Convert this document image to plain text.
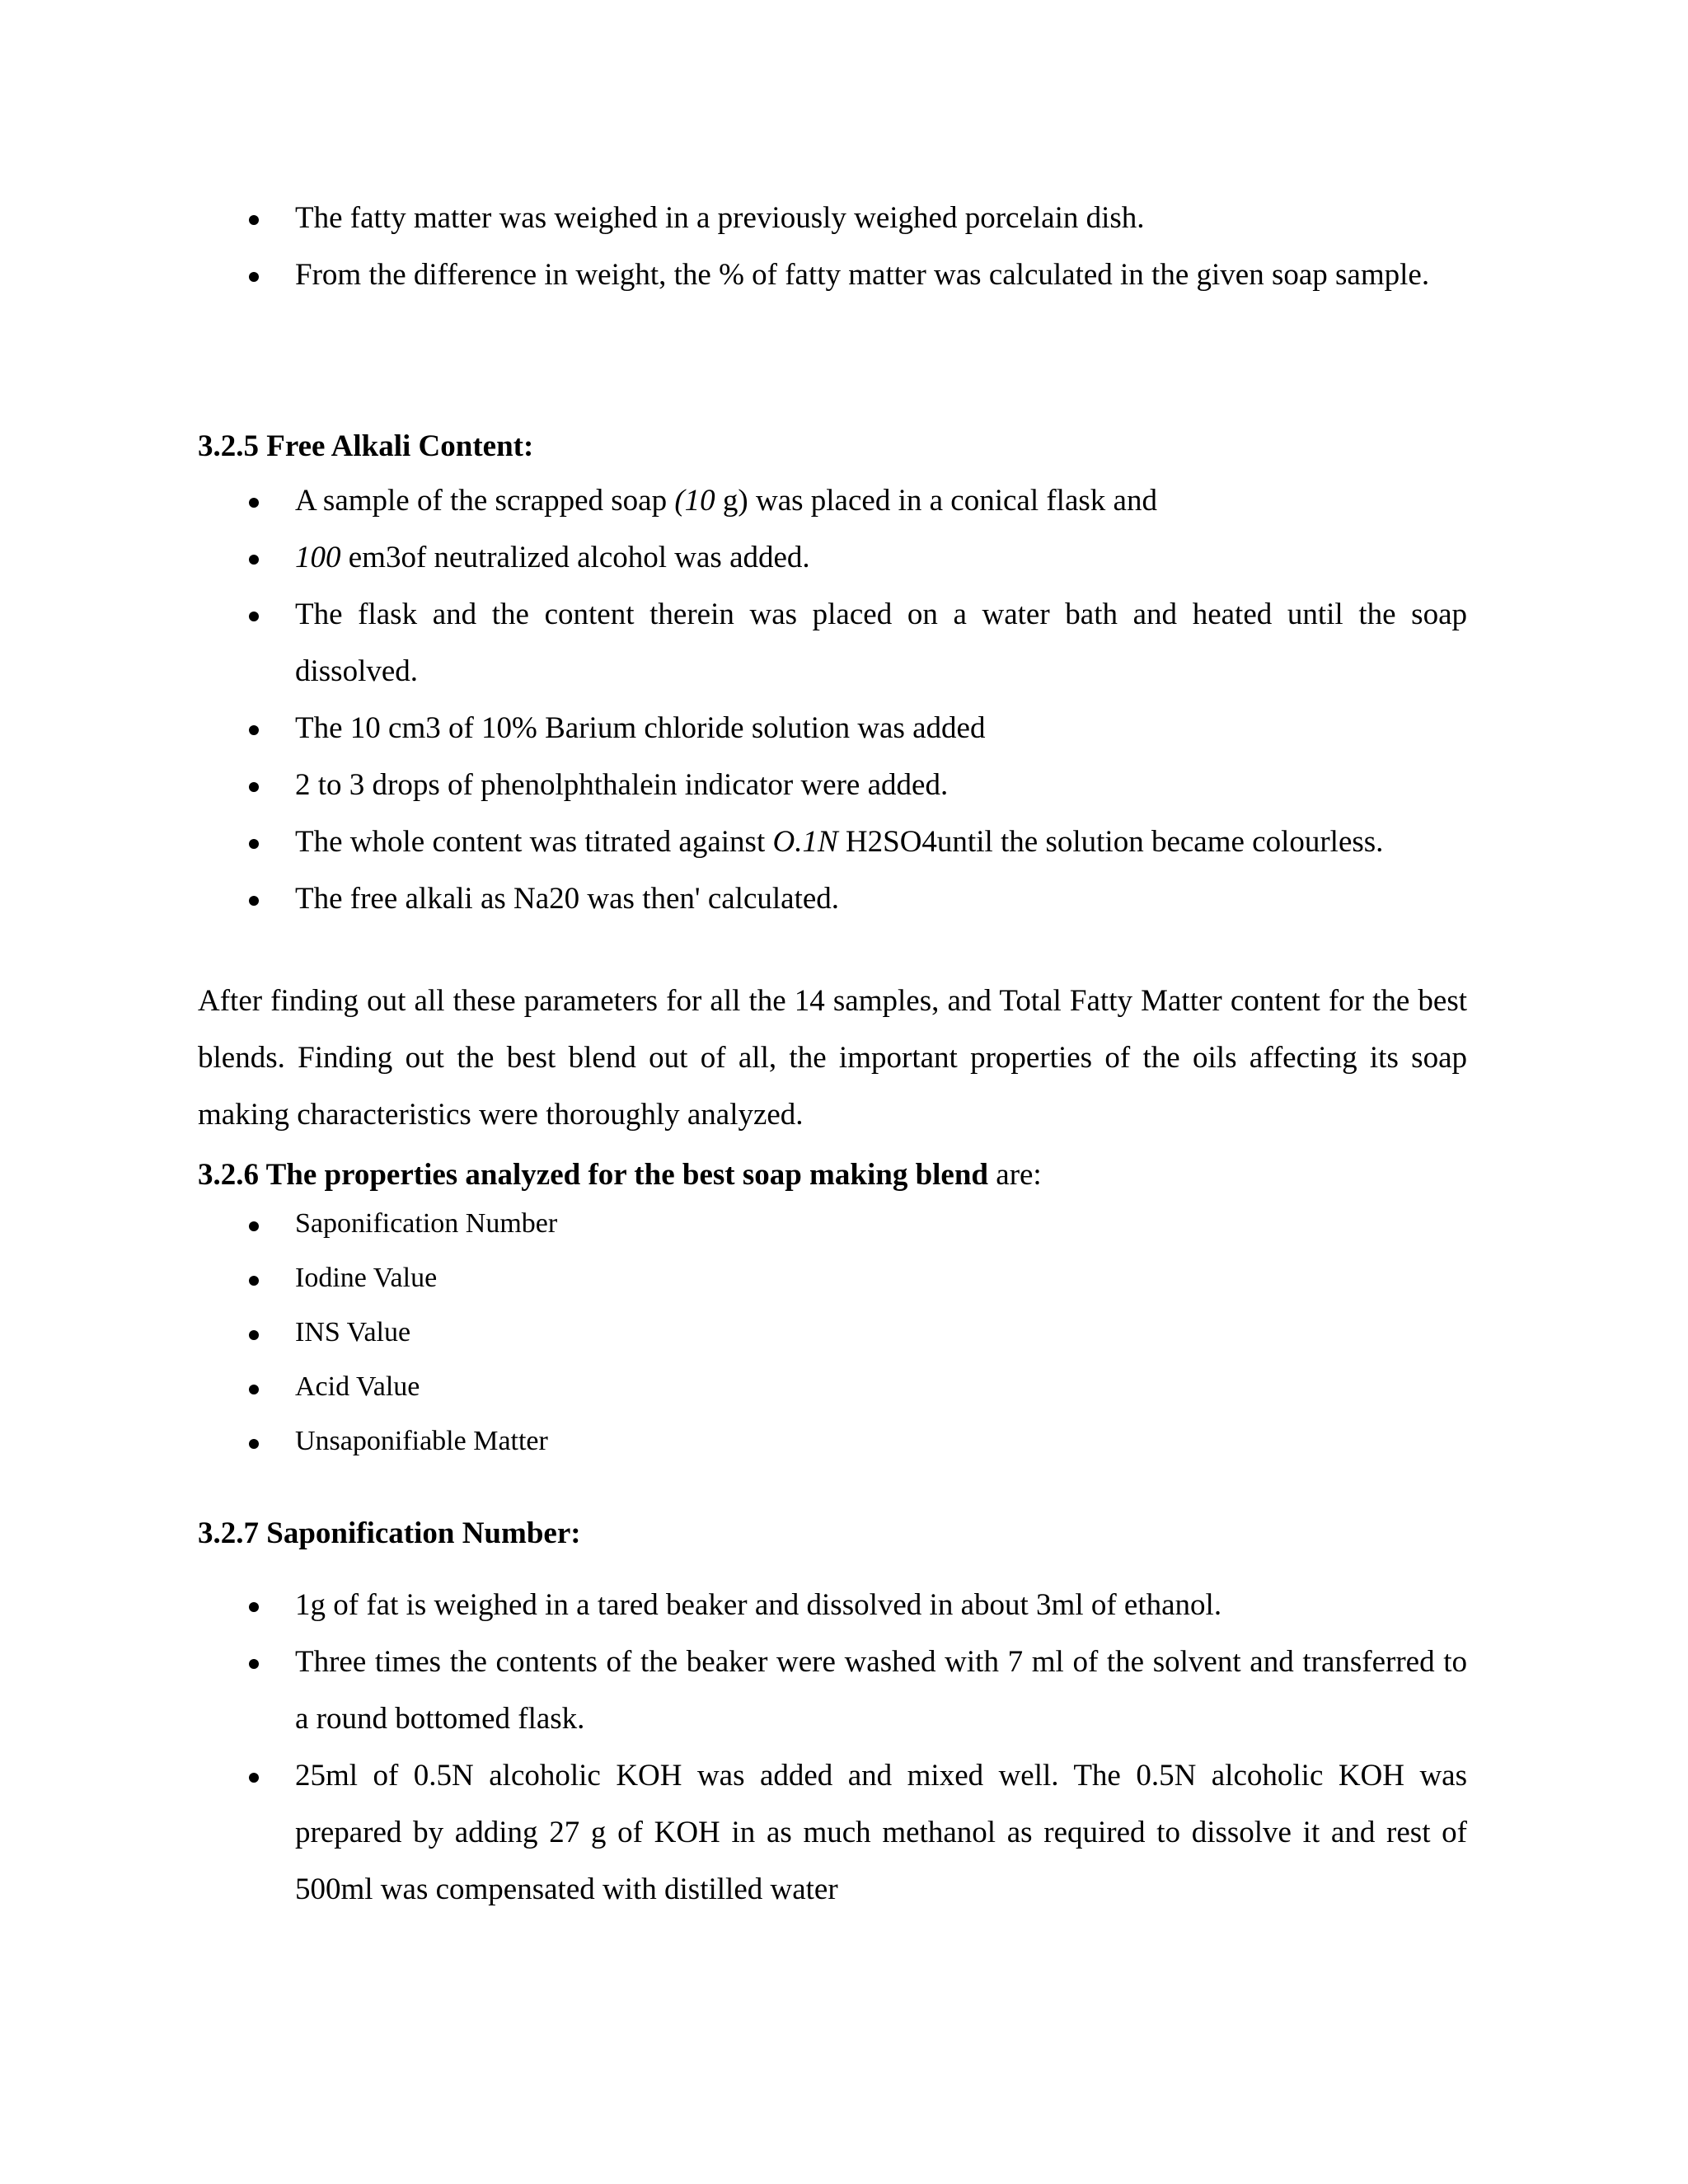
The fatty matter was weighed in a previously weighed porcelain dish.
From the difference in weight, the % of fatty matter was calculated in the given soap sample.
3.2.5 Free Alkali Content:
A sample of the scrapped soap (10 g) was placed in a conical flask and
100 em3of neutralized alcohol was added.
The flask and the content therein was placed on a water bath and heated until the soap dissolved.
The 10 cm3 of 10% Barium chloride solution was added
2 to 3 drops of phenolphthalein indicator were added.
The whole content was titrated against O.1N H2SO4until the solution became colourless.
The free alkali as Na20 was then' calculated.

After finding out all these parameters for all the 14 samples, and Total Fatty Matter content for the best blends. Finding out the best blend out of all, the important properties of the oils affecting its soap making characteristics were thoroughly analyzed.

3.2.6 The properties analyzed for the best soap making blend are:
Saponification Number
Iodine Value
INS Value
Acid Value
Unsaponifiable Matter
3.2.7 Saponification Number:
1g of fat is weighed in a tared beaker and dissolved in about 3ml of ethanol.
Three times the contents of the beaker were washed with 7 ml of the solvent and transferred to a round bottomed flask.
25ml of 0.5N alcoholic KOH was added and mixed well. The 0.5N alcoholic KOH was prepared by adding 27 g of KOH in as much methanol as required to dissolve it and rest of 500ml was compensated with distilled water
